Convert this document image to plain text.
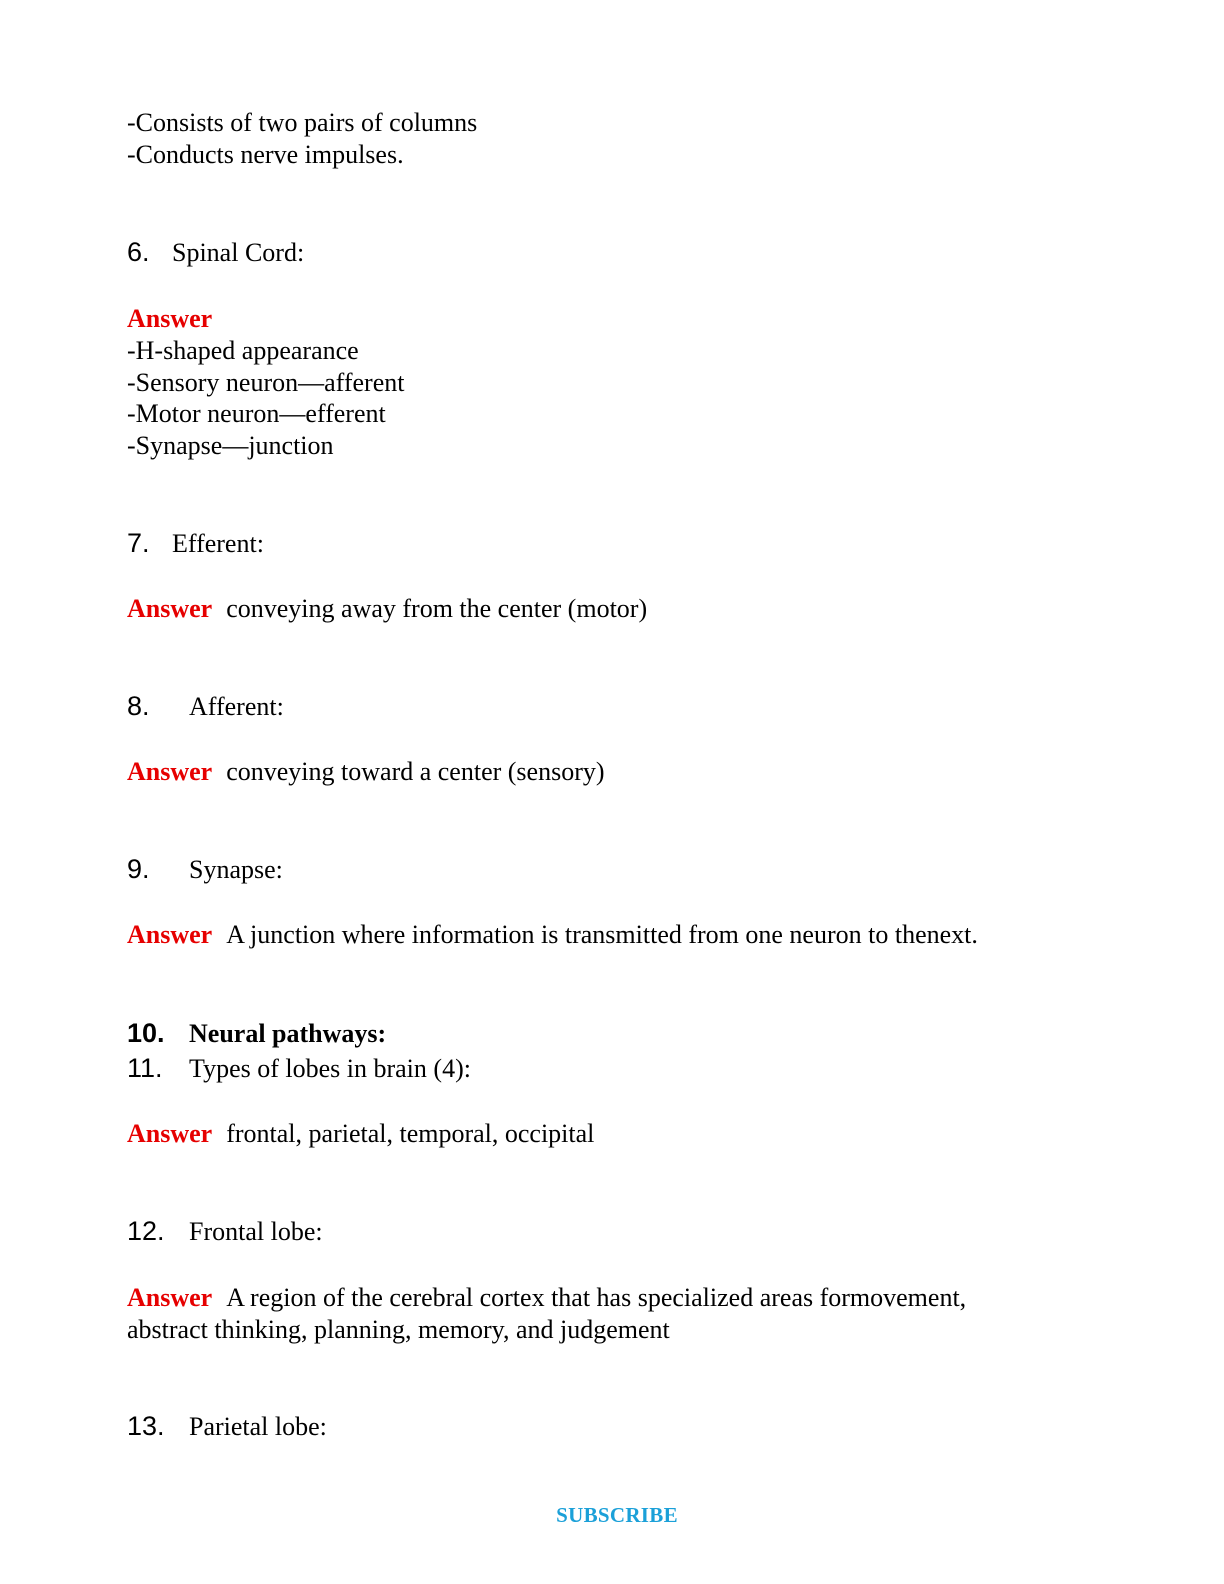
-Consists of two pairs of columns
-Conducts nerve impulses.
6. Spinal Cord:
Answer
-H-shaped appearance
-Sensory neuron—afferent
-Motor neuron—efferent
-Synapse—junction
7. Efferent:
Answer conveying away from the center (motor)
8. Afferent:
Answer conveying toward a center (sensory)
9. Synapse:
Answer A junction where information is transmitted from one neuron to thenext.
10. Neural pathways:
11. Types of lobes in brain (4):
Answer frontal, parietal, temporal, occipital
12. Frontal lobe:
Answer A region of the cerebral cortex that has specialized areas formovement,
abstract thinking, planning, memory, and judgement
13. Parietal lobe:
SUBSCRIBE
